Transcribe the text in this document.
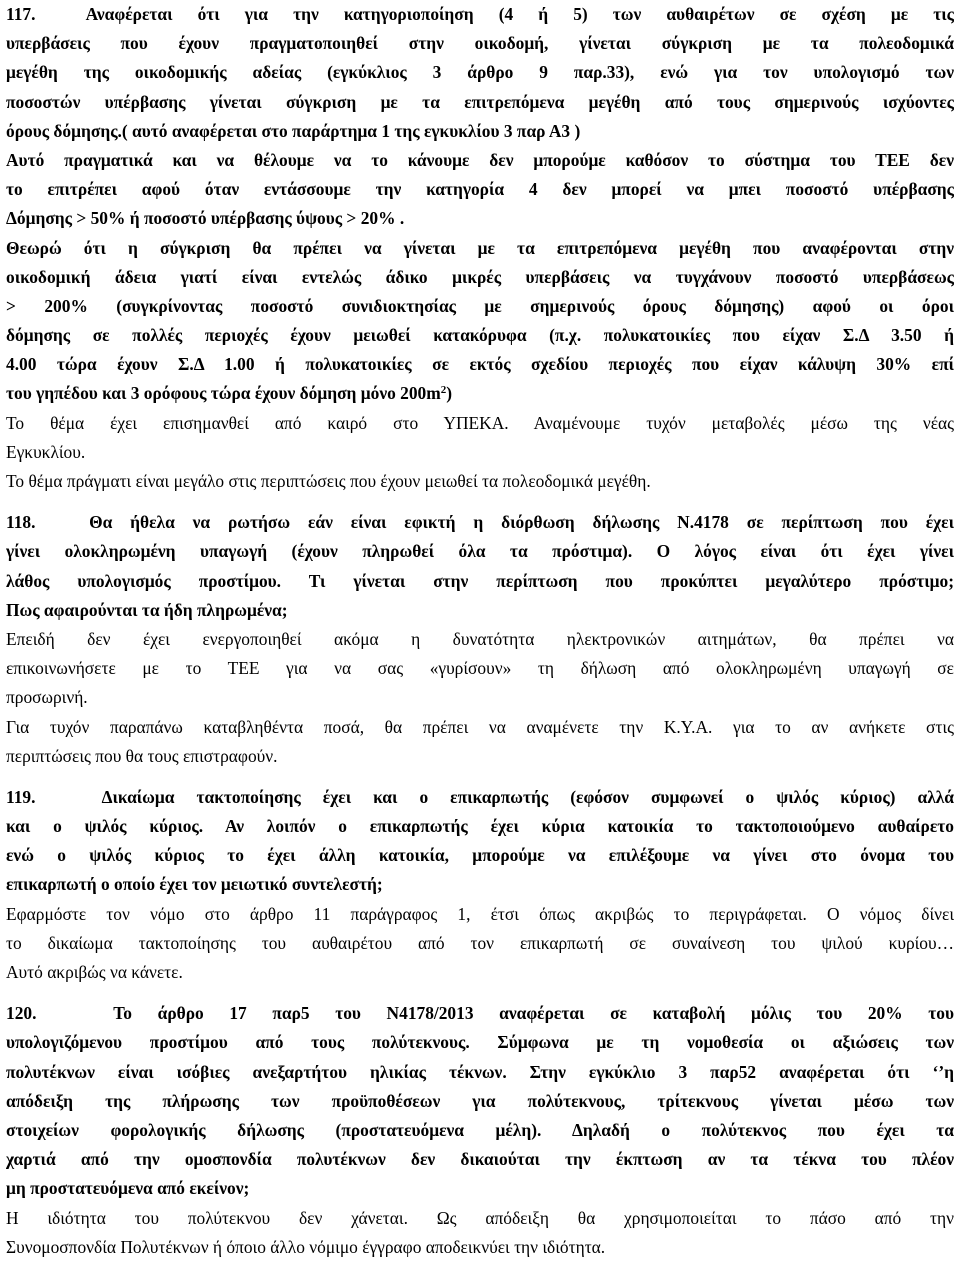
117.  Αναφέρεται ότι για την κατηγοριοποίηση (4 ή 5) των αυθαιρέτων σε σχέση με τις
υπερβάσεις που έχουν πραγματοποιηθεί στην οικοδομή, γίνεται σύγκριση με τα πολεοδομικά
μεγέθη της οικοδομικής αδείας (εγκύκλιος 3 άρθρο 9 παρ.33), ενώ για τον υπολογισμό των
ποσοστών υπέρβασης γίνεται σύγκριση με τα επιτρεπόμενα μεγέθη από τους σημερινούς ισχύοντες
όρους δόμησης.( αυτό αναφέρεται στο παράρτημα 1 της εγκυκλίου 3 παρ Α3 )
Αυτό πραγματικά και να θέλουμε να το κάνουμε δεν μπορούμε καθόσον το σύστημα του ΤΕΕ δεν
το επιτρέπει αφού όταν εντάσσουμε την κατηγορία 4 δεν μπορεί να μπει ποσοστό υπέρβασης
Δόμησης > 50% ή ποσοστό υπέρβασης ύψους > 20% .
Θεωρώ ότι η σύγκριση θα πρέπει να γίνεται με τα επιτρεπόμενα μεγέθη που αναφέρονται στην
οικοδομική άδεια γιατί είναι εντελώς άδικο μικρές υπερβάσεις να τυγχάνουν ποσοστό υπερβάσεως
> 200% (συγκρίνοντας ποσοστό συνιδιοκτησίας με σημερινούς όρους δόμησης) αφού οι όροι
δόμησης σε πολλές περιοχές έχουν μειωθεί κατακόρυφα (π.χ. πολυκατοικίες που είχαν Σ.Δ 3.50 ή
4.00 τώρα έχουν Σ.Δ 1.00 ή πολυκατοικίες σε εκτός σχεδίου περιοχές που είχαν κάλυψη 30% επί
του γηπέδου και 3 ορόφους τώρα έχουν δόμηση μόνο $200m^2$)
Το θέμα έχει επισημανθεί από καιρό στο ΥΠΕΚΑ. Αναμένουμε τυχόν μεταβολές μέσω της νέας
Εγκυκλίου.
Το θέμα πράγματι είναι μεγάλο στις περιπτώσεις που έχουν μειωθεί τα πολεοδομικά μεγέθη.
118.   Θα ήθελα να ρωτήσω εάν είναι εφικτή η διόρθωση δήλωσης Ν.4178 σε περίπτωση που έχει
γίνει ολοκληρωμένη υπαγωγή (έχουν πληρωθεί όλα τα πρόστιμα). Ο λόγος είναι ότι έχει γίνει
λάθος υπολογισμός προστίμου. Τι γίνεται στην περίπτωση που προκύπτει μεγαλύτερο πρόστιμο;
Πως αφαιρούνται τα ήδη πληρωμένα;
Επειδή δεν έχει ενεργοποιηθεί ακόμα η δυνατότητα ηλεκτρονικών αιτημάτων, θα πρέπει να
επικοινωνήσετε με το ΤΕΕ για να σας «γυρίσουν» τη δήλωση από ολοκληρωμένη υπαγωγή σε
προσωρινή.
Για τυχόν παραπάνω καταβληθέντα ποσά, θα πρέπει να αναμένετε την Κ.Υ.Α. για το αν ανήκετε στις
περιπτώσεις που θα τους επιστραφούν.
119.   Δικαίωμα τακτοποίησης έχει και ο επικαρπωτής (εφόσον συμφωνεί ο ψιλός κύριος) αλλά
και ο ψιλός κύριος. Αν λοιπόν ο επικαρπωτής έχει κύρια κατοικία το τακτοποιούμενο αυθαίρετο
ενώ ο ψιλός κύριος το έχει άλλη κατοικία, μπορούμε να επιλέξουμε να γίνει στο όνομα του
επικαρπωτή ο οποίο έχει τον μειωτικό συντελεστή;
Εφαρμόστε τον νόμο στο άρθρο 11 παράγραφος 1, έτσι όπως ακριβώς το περιγράφεται. Ο νόμος δίνει
το δικαίωμα τακτοποίησης του αυθαιρέτου από τον επικαρπωτή σε συναίνεση του ψιλού κυρίου…
Αυτό ακριβώς να κάνετε.
120.   Το άρθρο 17 παρ5 του Ν4178/2013 αναφέρεται σε καταβολή μόλις του 20% του
υπολογιζόμενου προστίμου από τους πολύτεκνους. Σύμφωνα με τη νομοθεσία οι αξιώσεις των
πολυτέκνων είναι ισόβιες ανεξαρτήτου ηλικίας τέκνων. Στην εγκύκλιο 3 παρ52 αναφέρεται ότι ‘’η
απόδειξη της πλήρωσης των προϋποθέσεων για πολύτεκνους, τρίτεκνους γίνεται μέσω των
στοιχείων φορολογικής δήλωσης (προστατευόμενα μέλη). Δηλαδή ο πολύτεκνος που έχει τα
χαρτιά από την ομοσπονδία πολυτέκνων δεν δικαιούται την έκπτωση αν τα τέκνα του πλέον
μη προστατευόμενα από εκείνον;
Η ιδιότητα του πολύτεκνου δεν χάνεται. Ως απόδειξη θα χρησιμοποιείται το πάσο από την
Συνομοσπονδία Πολυτέκνων ή όποιο άλλο νόμιμο έγγραφο αποδεικνύει την ιδιότητα.
